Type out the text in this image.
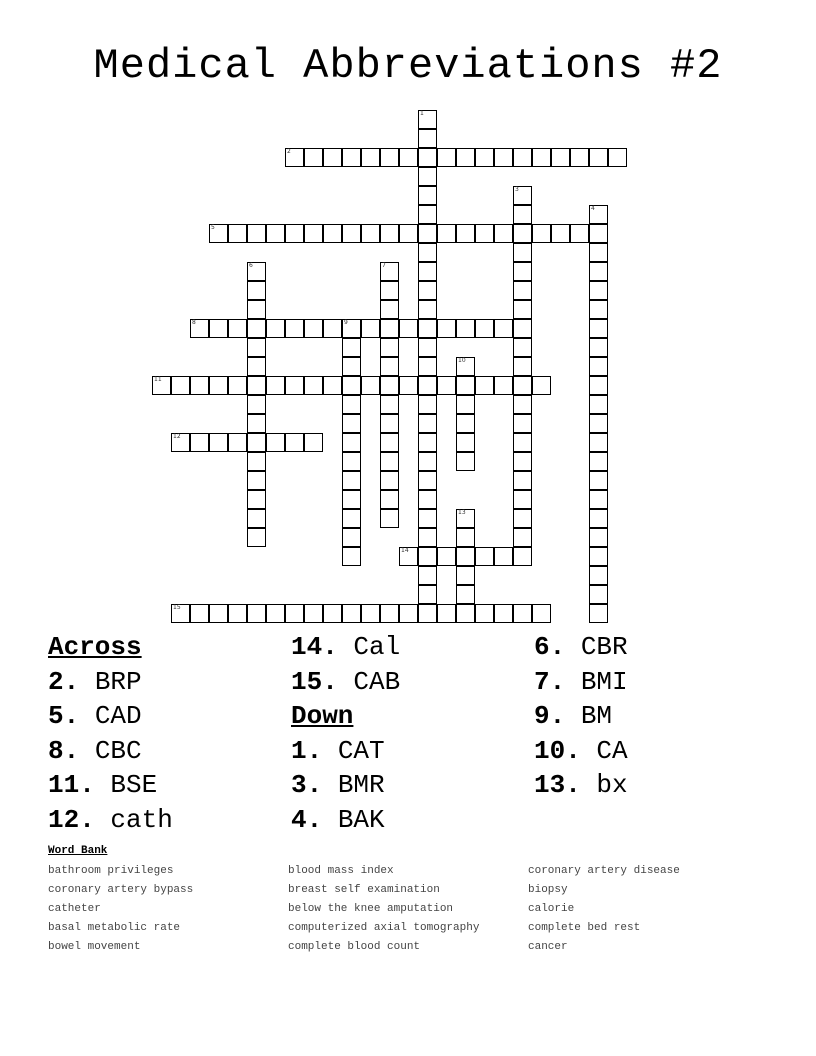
Medical Abbreviations #2
1
2
3
4
5
6	7
8	9
10
11
12
13
14
15
Across
2. BRP
5. CAD
8. CBC
11. BSE
12. cath
14. Cal
15. CAB
Down
1. CAT
3. BMR
4. BAK
6. CBR
7. BMI
9. BM
10. CA
13. bx
Word Bank
bathroom privileges
coronary artery bypass
catheter
basal metabolic rate
bowel movement
blood mass index
breast self examination
below the knee amputation
computerized axial tomography
complete blood count
coronary artery disease
biopsy
calorie
complete bed rest
cancer
